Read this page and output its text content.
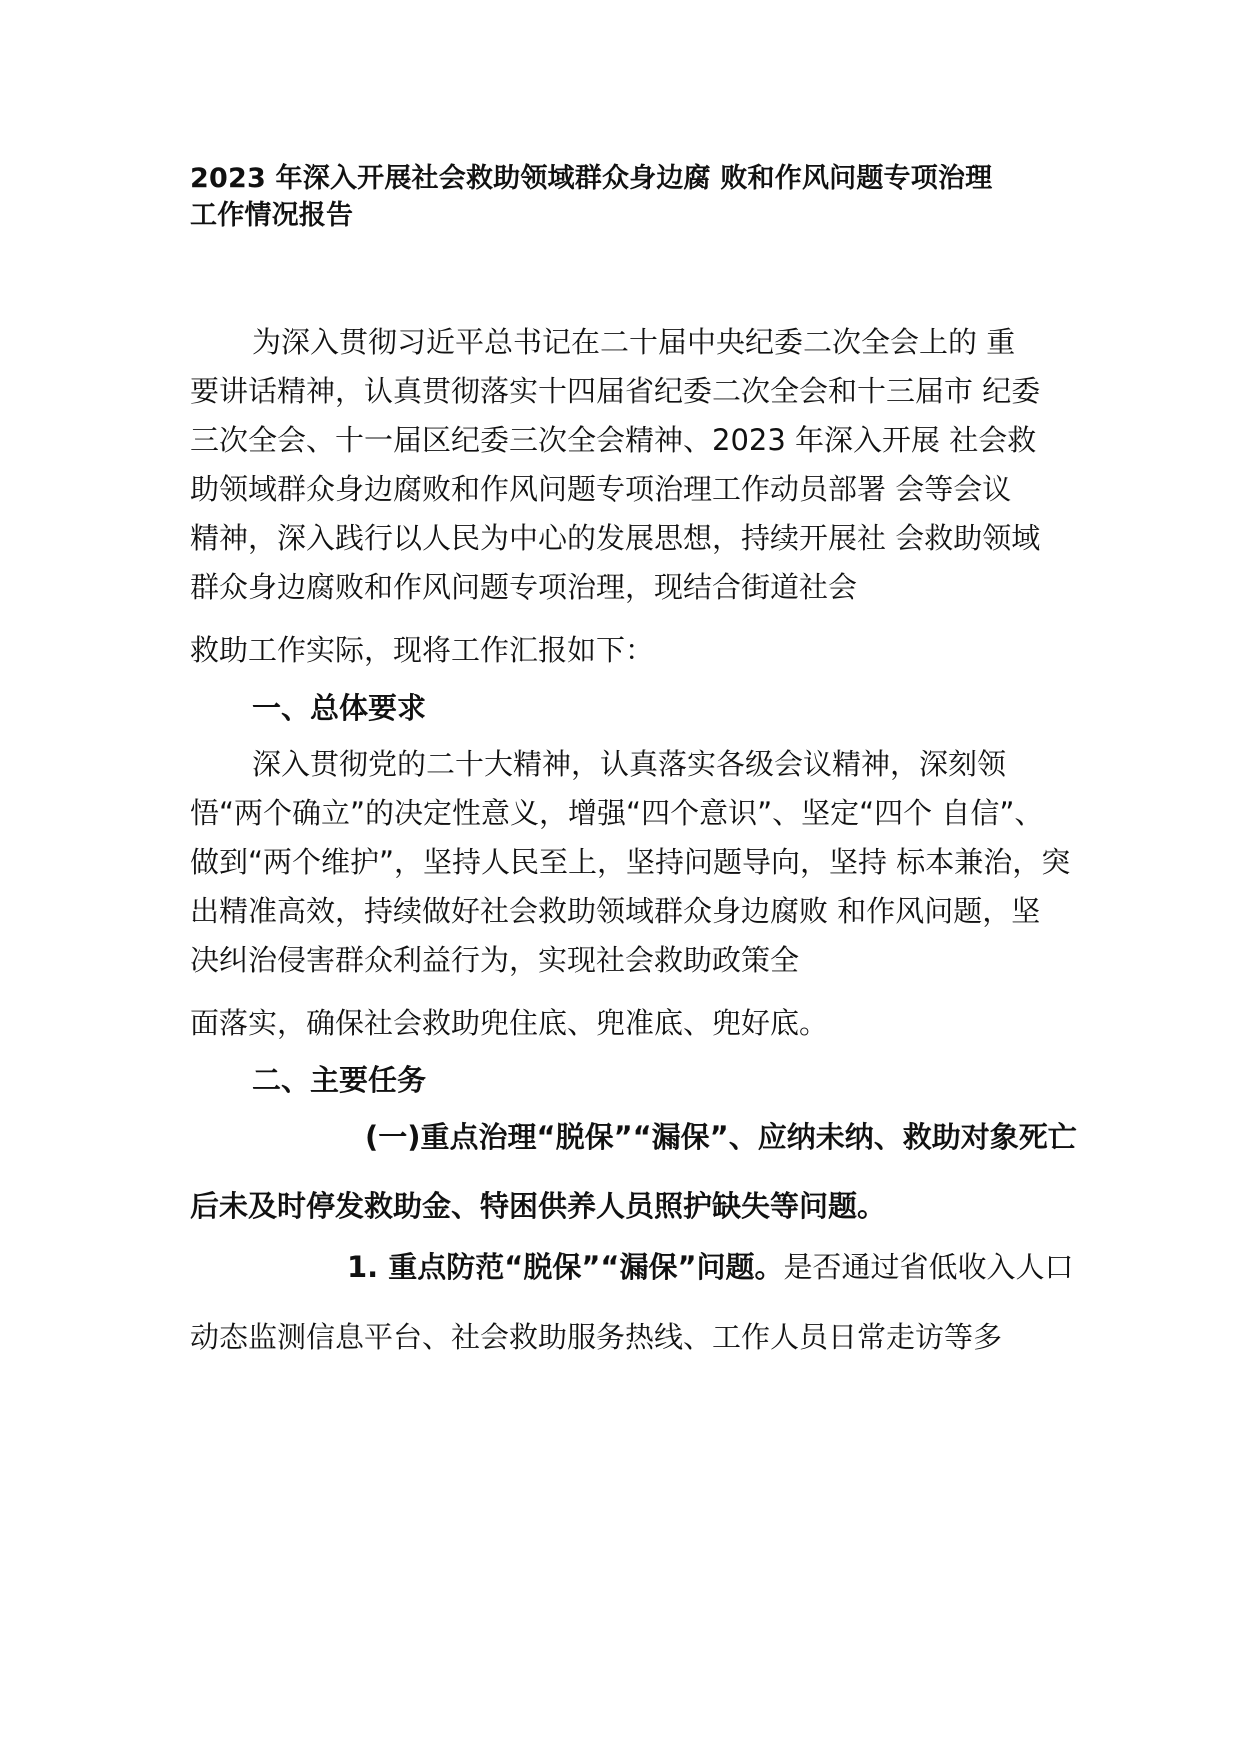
2023 年深入开展社会救助领域群众身边腐 败和作风问题专项治理
工作情况报告
为深入贯彻习近平总书记在二十届中央纪委二次全会上的 重
要讲话精神，认真贯彻落实十四届省纪委二次全会和十三届市 纪委
三次全会、十一届区纪委三次全会精神、2023 年深入开展 社会救
助领域群众身边腐败和作风问题专项治理工作动员部署 会等会议
精神，深入践行以人民为中心的发展思想，持续开展社 会救助领域
群众身边腐败和作风问题专项治理，现结合街道社会
救助工作实际，现将工作汇报如下：
一、总体要求
深入贯彻党的二十大精神，认真落实各级会议精神，深刻领
悟“两个确立”的决定性意义，增强“四个意识”、坚定“四个 自信”、
做到“两个维护”，坚持人民至上，坚持问题导向，坚持 标本兼治，突
出精准高效，持续做好社会救助领域群众身边腐败 和作风问题，坚
决纠治侵害群众利益行为，实现社会救助政策全
面落实，确保社会救助兜住底、兜准底、兜好底。
二、主要任务
(一)重点治理“脱保”“漏保”、应纳未纳、救助对象死亡
后未及时停发救助金、特困供养人员照护缺失等问题。
1. 重点防范“脱保”“漏保”问题。是否通过省低收入人口
动态监测信息平台、社会救助服务热线、工作人员日常走访等多
